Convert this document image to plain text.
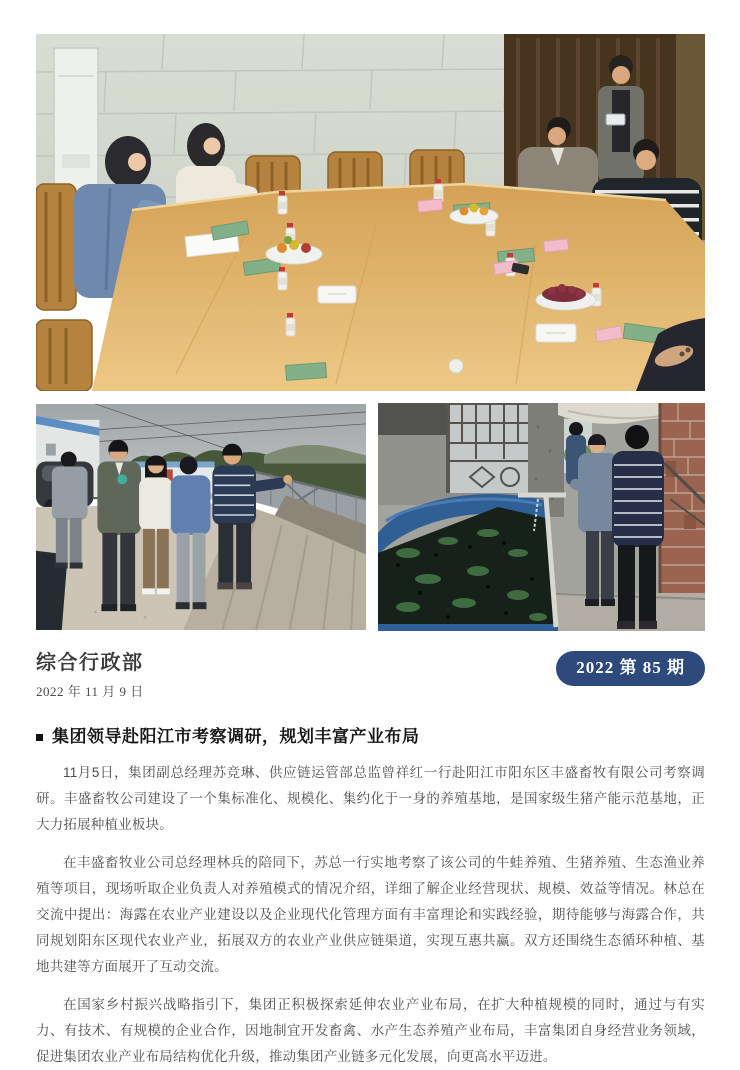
综合行政部
2022 年 11 月 9 日
2022 第 85 期
集团领导赴阳江市考察调研，规划丰富产业布局

11月5日，集团副总经理苏竞琳、供应链运管部总监曾祥红一行赴阳江市阳东区丰盛畜牧有限公司考察调研。丰盛畜牧公司建设了一个集标准化、规模化、集约化于一身的养殖基地，是国家级生猪产能示范基地，正大力拓展种植业板块。

在丰盛畜牧业公司总经理林兵的陪同下，苏总一行实地考察了该公司的牛蛙养殖、生猪养殖、生态渔业养殖等项目，现场听取企业负责人对养殖模式的情况介绍，详细了解企业经营现状、规模、效益等情况。林总在交流中提出：海露在农业产业建设以及企业现代化管理方面有丰富理论和实践经验，期待能够与海露合作，共同规划阳东区现代农业产业，拓展双方的农业产业供应链渠道，实现互惠共赢。双方还围绕生态循环种植、基地共建等方面展开了互动交流。

在国家乡村振兴战略指引下，集团正积极探索延伸农业产业布局，在扩大种植规模的同时，通过与有实力、有技术、有规模的企业合作，因地制宜开发畜禽、水产生态养殖产业布局，丰富集团自身经营业务领域，促进集团农业产业布局结构优化升级，推动集团产业链多元化发展，向更高水平迈进。
